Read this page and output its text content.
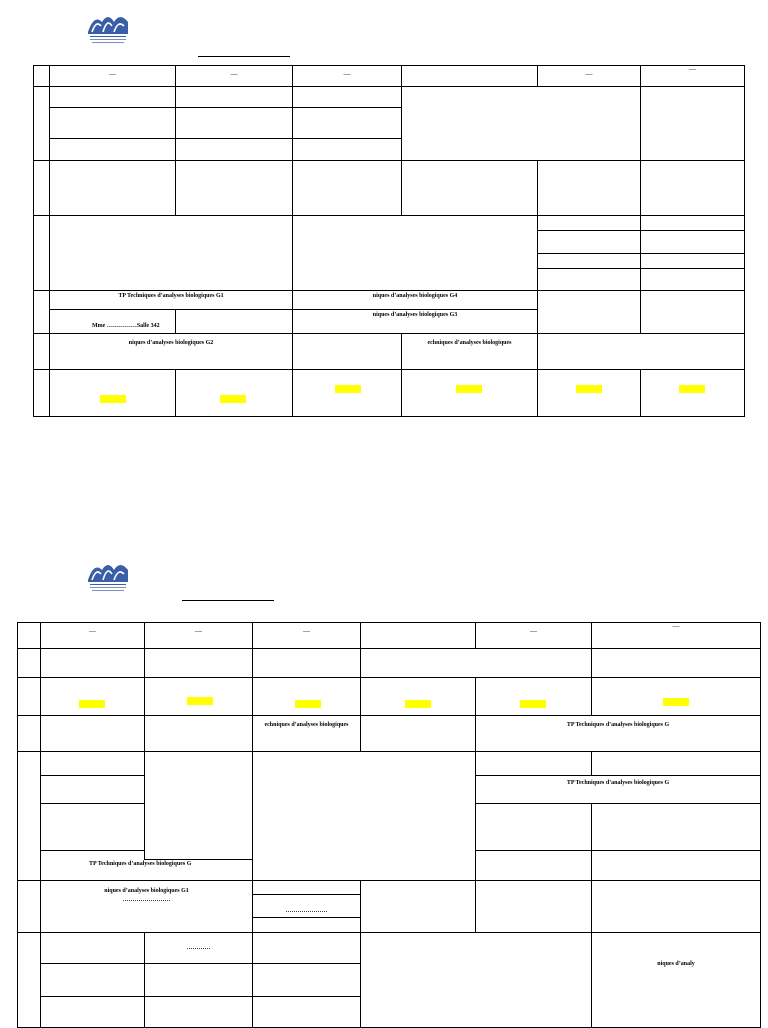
	—	—	—		—	—

	TP Techniques d’analyses biologiques G1		niques d’analyses biologiques G4			

	Mme ……………Salle 342		niques d’analyses biologiques G3			

	niques d’analyses biologiques G2			echniques d’analyses biologiques		

	—	—	—		—	—

			echniques d’analyses biologiques		TP Techniques d’analyses biologiques G	

					TP Techniques d’analyses biologiques G	

	TP Techniques d’analyses biologiques G					

	niques d’analyses biologiques G1
……………………					

			…………………			

		…………				niques d’analy
